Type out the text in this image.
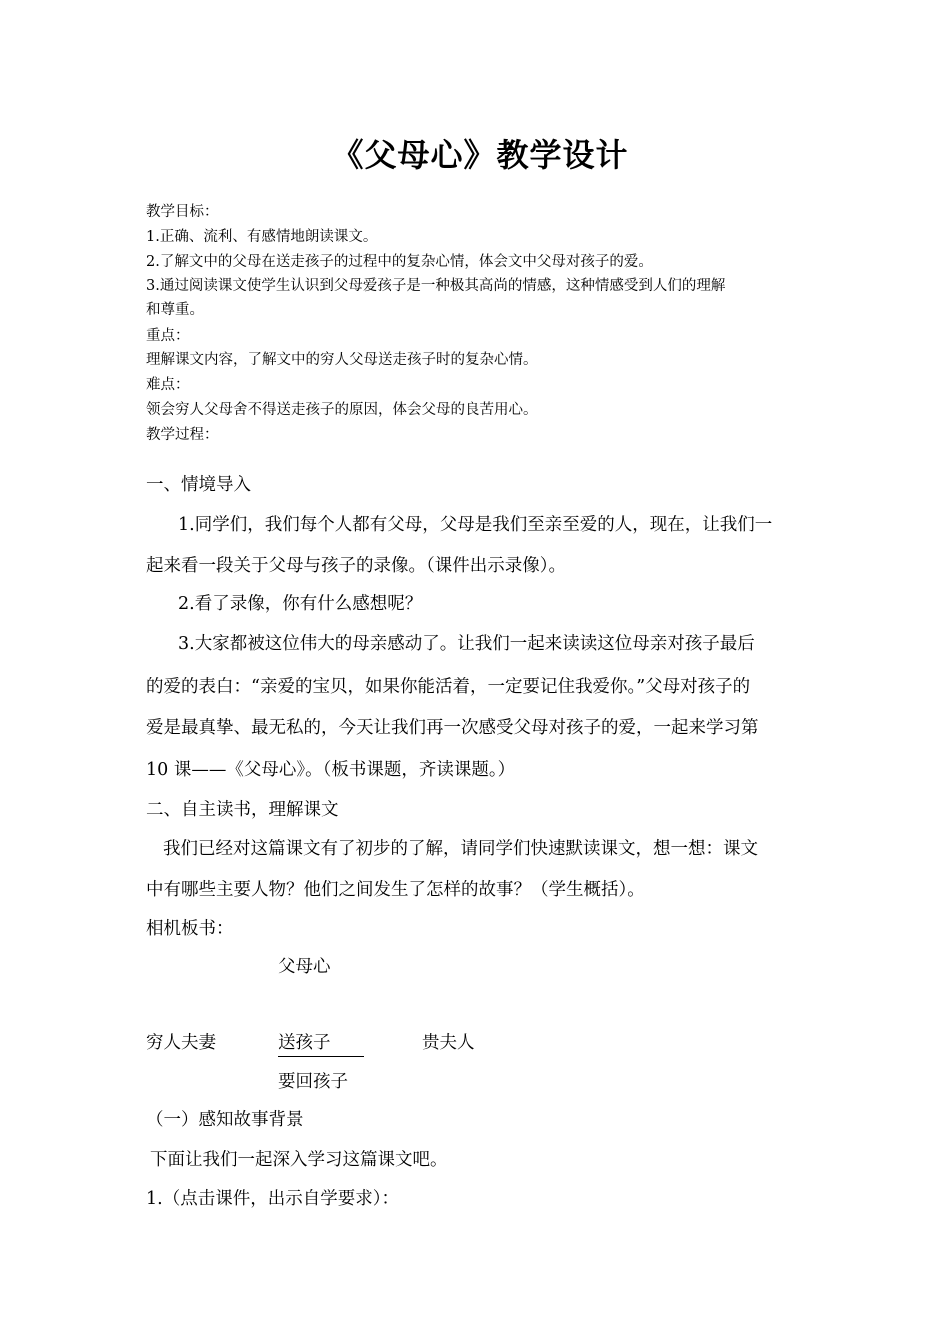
《父母心》教学设计
教学目标：
1.正确、流利、有感情地朗读课文。
2.了解文中的父母在送走孩子的过程中的复杂心情，体会文中父母对孩子的爱。
3.通过阅读课文使学生认识到父母爱孩子是一种极其高尚的情感，这种情感受到人们的理解
和尊重。
重点：
理解课文内容，了解文中的穷人父母送走孩子时的复杂心情。
难点：
领会穷人父母舍不得送走孩子的原因，体会父母的良苦用心。
教学过程：
一、情境导入
1.同学们，我们每个人都有父母，父母是我们至亲至爱的人，现在，让我们一
起来看一段关于父母与孩子的录像。（课件出示录像）。
2.看了录像，你有什么感想呢？
3.大家都被这位伟大的母亲感动了。让我们一起来读读这位母亲对孩子最后
的爱的表白：“亲爱的宝贝，如果你能活着，一定要记住我爱你。”父母对孩子的
爱是最真挚、最无私的，今天让我们再一次感受父母对孩子的爱，一起来学习第
10 课——《父母心》。（板书课题，齐读课题。）
二、自主读书，理解课文
我们已经对这篇课文有了初步的了解，请同学们快速默读课文，想一想：课文
中有哪些主要人物？他们之间发生了怎样的故事？（学生概括）。
相机板书：
父母心
穷人夫妻	送孩子	贵夫人
要回孩子
（一）感知故事背景
下面让我们一起深入学习这篇课文吧。
1.（点击课件，出示自学要求）：
